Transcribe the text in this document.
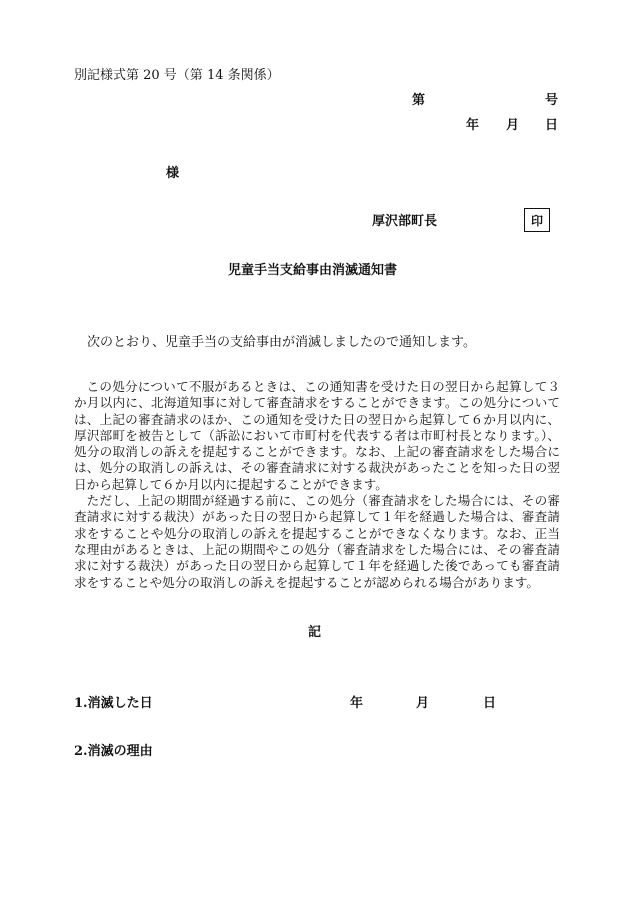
別記様式第 20 号（第 14 条関係）
第	号
年 月 日
様
厚沢部町長	印
児童手当支給事由消滅通知書
次のとおり、児童手当の支給事由が消滅しましたので通知します。

この処分について不服があるときは、この通知書を受けた日の翌日から起算して３か月以内に、北海道知事に対して審査請求をすることができます。この処分については、上記の審査請求のほか、この通知を受けた日の翌日から起算して６か月以内に、厚沢部町を被告として（訴訟において市町村を代表する者は市町村長となります。）、処分の取消しの訴えを提起することができます。なお、上記の審査請求をした場合には、処分の取消しの訴えは、その審査請求に対する裁決があったことを知った日の翌日から起算して６か月以内に提起することができます。

ただし、上記の期間が経過する前に、この処分（審査請求をした場合には、その審査請求に対する裁決）があった日の翌日から起算して１年を経過した場合は、審査請求をすることや処分の取消しの訴えを提起することができなくなります。なお、正当な理由があるときは、上記の期間やこの処分（審査請求をした場合には、その審査請求に対する裁決）があった日の翌日から起算して１年を経過した後であっても審査請求をすることや処分の取消しの訴えを提起することが認められる場合があります。

記
1.消滅した日	年	月	日
2.消滅の理由
